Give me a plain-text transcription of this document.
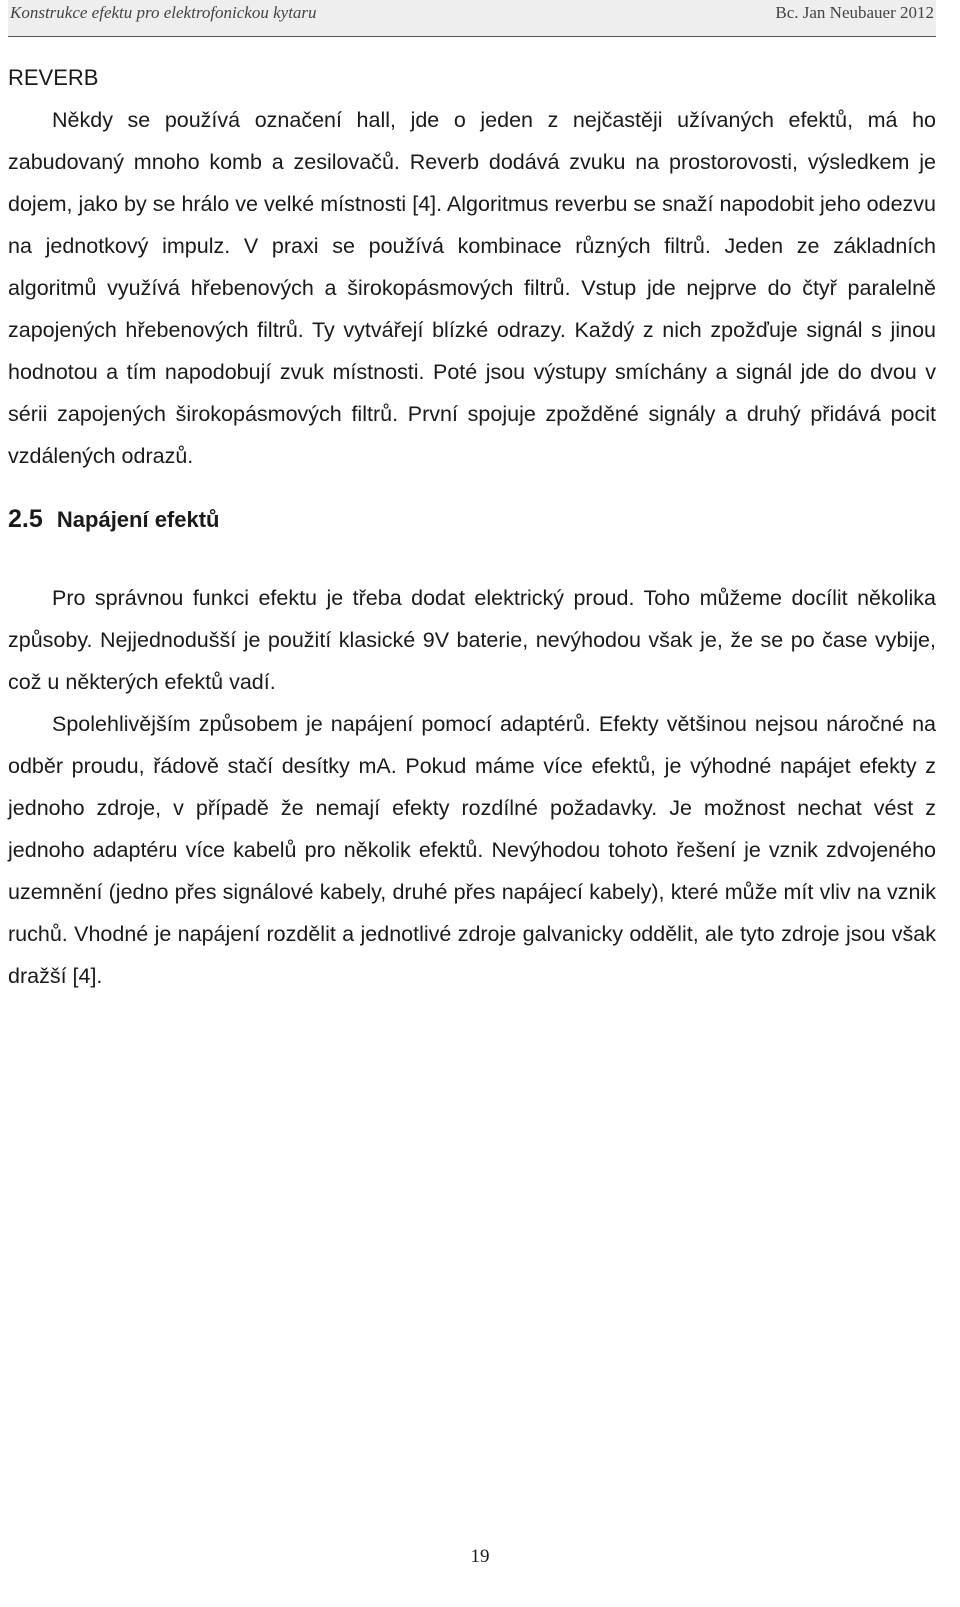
Konstrukce efektu pro elektrofonickou kytaru	Bc. Jan Neubauer 2012
REVERB

Někdy se používá označení hall, jde o jeden z nejčastěji užívaných efektů, má ho zabudovaný mnoho komb a zesilovačů. Reverb dodává zvuku na prostorovosti, výsledkem je dojem, jako by se hrálo ve velké místnosti [4]. Algoritmus reverbu se snaží napodobit jeho odezvu na jednotkový impulz. V praxi se používá kombinace různých filtrů. Jeden ze základních algoritmů využívá hřebenových a širokopásmových filtrů. Vstup jde nejprve do čtyř paralelně zapojených hřebenových filtrů. Ty vytvářejí blízké odrazy. Každý z nich zpožďuje signál s jinou hodnotou a tím napodobují zvuk místnosti. Poté jsou výstupy smíchány a signál jde do dvou v sérii zapojených širokopásmových filtrů. První spojuje zpožděné signály a druhý přidává pocit vzdálených odrazů.

2.5 Napájení efektů

Pro správnou funkci efektu je třeba dodat elektrický proud. Toho můžeme docílit několika způsoby. Nejjednodušší je použití klasické 9V baterie, nevýhodou však je, že se po čase vybije, což u některých efektů vadí.

Spolehlivějším způsobem je napájení pomocí adaptérů. Efekty většinou nejsou náročné na odběr proudu, řádově stačí desítky mA. Pokud máme více efektů, je výhodné napájet efekty z jednoho zdroje, v případě že nemají efekty rozdílné požadavky. Je možnost nechat vést z jednoho adaptéru více kabelů pro několik efektů. Nevýhodou tohoto řešení je vznik zdvojeného uzemnění (jedno přes signálové kabely, druhé přes napájecí kabely), které může mít vliv na vznik ruchů. Vhodné je napájení rozdělit a jednotlivé zdroje galvanicky oddělit, ale tyto zdroje jsou však dražší [4].

19
